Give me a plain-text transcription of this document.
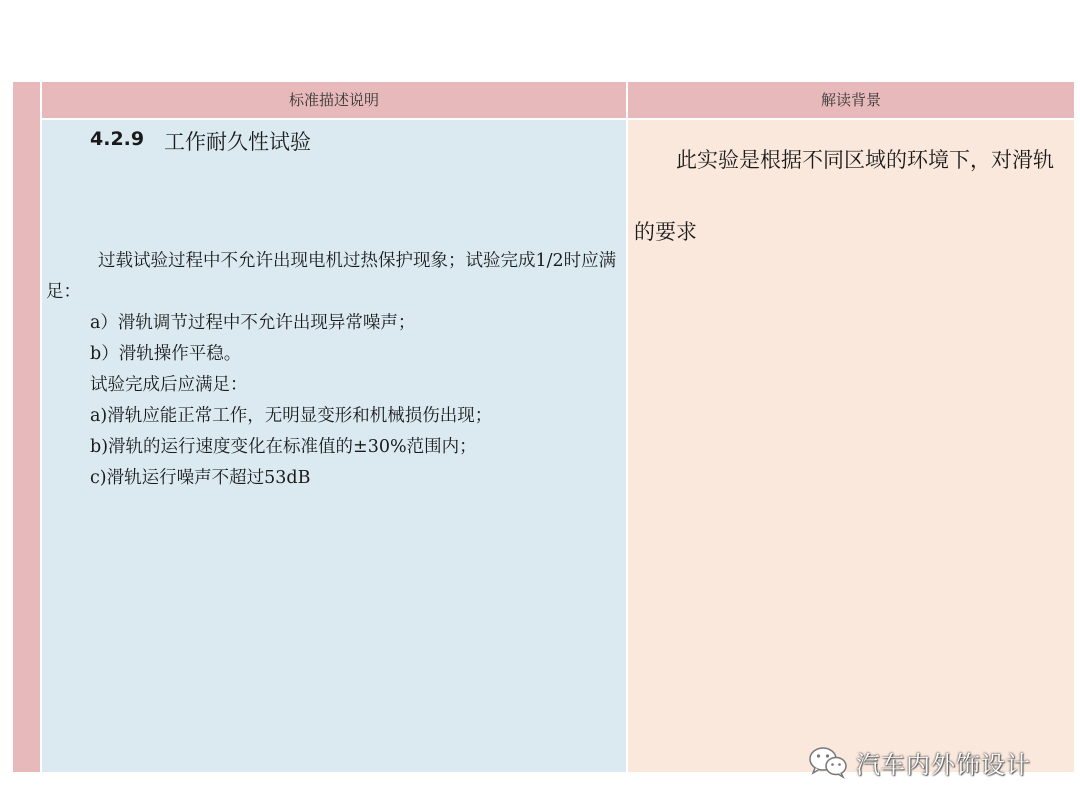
标准描述说明	解读背景
4.2.9 工作耐久性试验
过载试验过程中不允许出现电机过热保护现象；试验完成1/2时应满足：
a）滑轨调节过程中不允许出现异常噪声；
b）滑轨操作平稳。
试验完成后应满足：
a)滑轨应能正常工作，无明显变形和机械损伤出现；
b)滑轨的运行速度变化在标准值的±30%范围内；
c)滑轨运行噪声不超过53dB
此实验是根据不同区域的环境下，对滑轨的要求
汽车内外饰设计
